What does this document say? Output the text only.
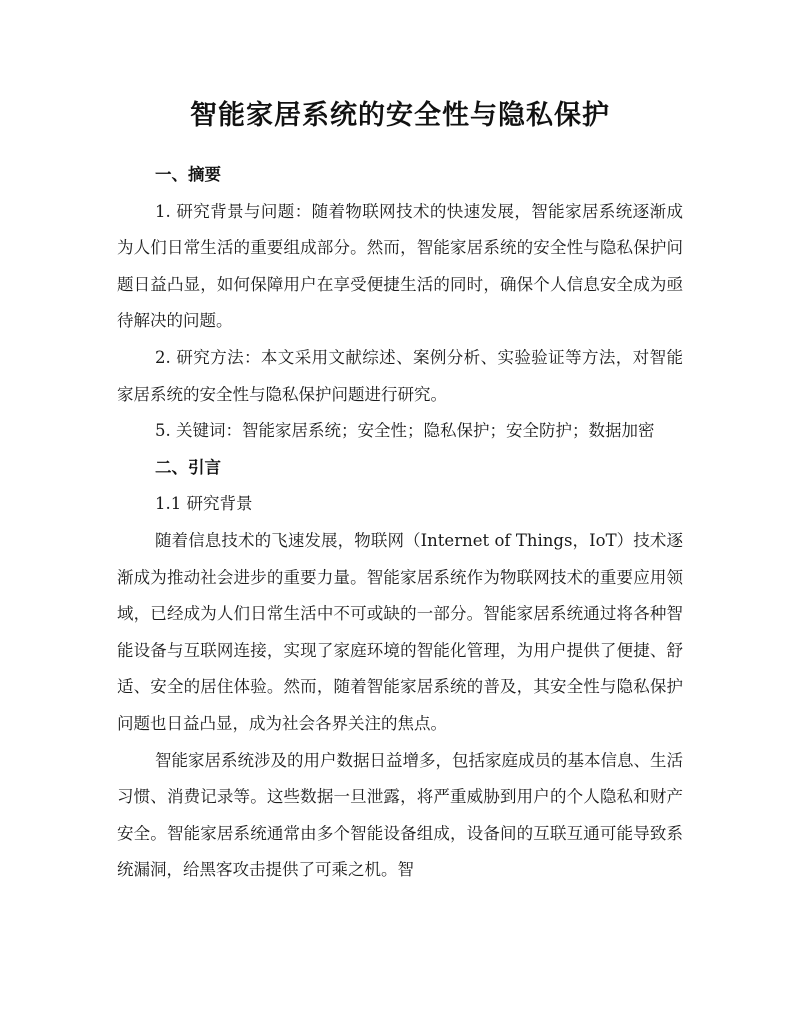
智能家居系统的安全性与隐私保护
一、摘要

1. 研究背景与问题：随着物联网技术的快速发展，智能家居系统逐渐成为人们日常生活的重要组成部分。然而，智能家居系统的安全性与隐私保护问题日益凸显，如何保障用户在享受便捷生活的同时，确保个人信息安全成为亟待解决的问题。

2. 研究方法：本文采用文献综述、案例分析、实验验证等方法，对智能家居系统的安全性与隐私保护问题进行研究。

5. 关键词：智能家居系统；安全性；隐私保护；安全防护；数据加密

二、引言
1.1 研究背景

随着信息技术的飞速发展，物联网（Internet of Things，IoT）技术逐渐成为推动社会进步的重要力量。智能家居系统作为物联网技术的重要应用领域，已经成为人们日常生活中不可或缺的一部分。智能家居系统通过将各种智能设备与互联网连接，实现了家庭环境的智能化管理，为用户提供了便捷、舒适、安全的居住体验。然而，随着智能家居系统的普及，其安全性与隐私保护问题也日益凸显，成为社会各界关注的焦点。

智能家居系统涉及的用户数据日益增多，包括家庭成员的基本信息、生活习惯、消费记录等。这些数据一旦泄露，将严重威胁到用户的个人隐私和财产安全。智能家居系统通常由多个智能设备组成，设备间的互联互通可能导致系统漏洞，给黑客攻击提供了可乘之机。智
